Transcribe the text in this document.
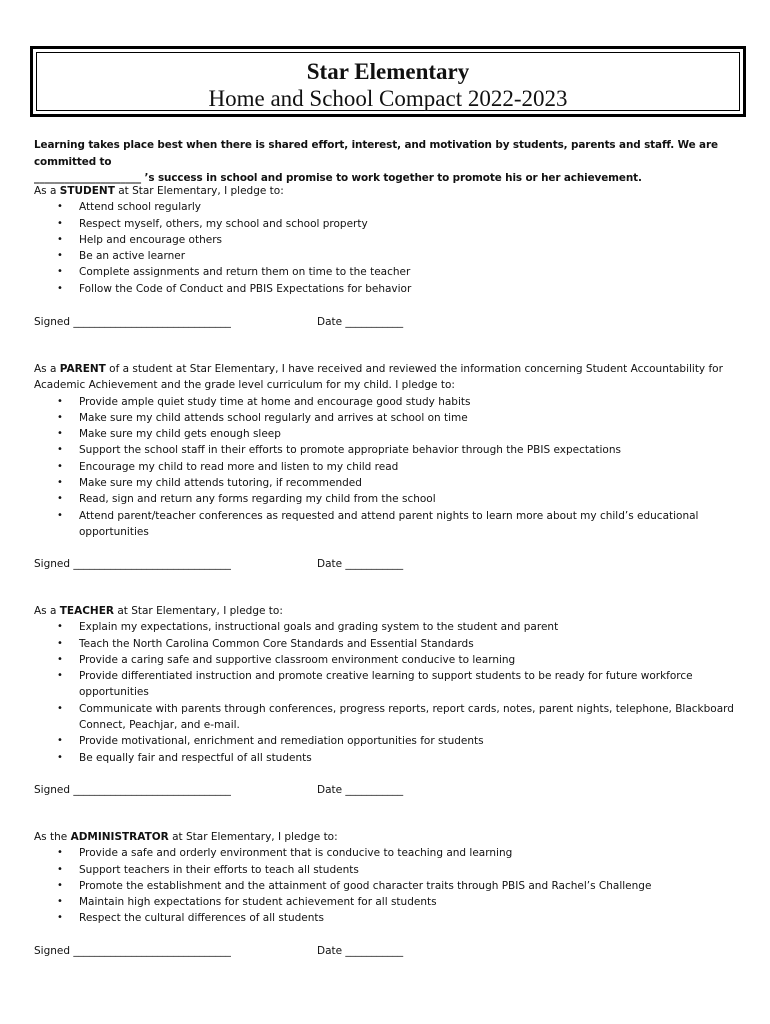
Star Elementary
Home and School Compact 2022-2023
Learning takes place best when there is shared effort, interest, and motivation by students, parents and staff. We are committed to
_____________________ ’s success in school and promise to work together to promote his or her achievement.

As a STUDENT at Star Elementary, I pledge to:

• Attend school regularly
• Respect myself, others, my school and school property
• Help and encourage others
• Be an active learner
• Complete assignments and return them on time to the teacher
• Follow the Code of Conduct and PBIS Expectations for behavior
Signed ______________________________	Date ___________

As a PARENT of a student at Star Elementary, I have received and reviewed the information concerning Student Accountability for Academic Achievement and the grade level curriculum for my child. I pledge to:

• Provide ample quiet study time at home and encourage good study habits
• Make sure my child attends school regularly and arrives at school on time
• Make sure my child gets enough sleep
• Support the school staff in their efforts to promote appropriate behavior through the PBIS expectations
• Encourage my child to read more and listen to my child read
• Make sure my child attends tutoring, if recommended
• Read, sign and return any forms regarding my child from the school
• Attend parent/teacher conferences as requested and attend parent nights to learn more about my child’s educational opportunities
Signed ______________________________	Date ___________

As a TEACHER at Star Elementary, I pledge to:

• Explain my expectations, instructional goals and grading system to the student and parent
• Teach the North Carolina Common Core Standards and Essential Standards
• Provide a caring safe and supportive classroom environment conducive to learning
• Provide differentiated instruction and promote creative learning to support students to be ready for future workforce opportunities
• Communicate with parents through conferences, progress reports, report cards, notes, parent nights, telephone, Blackboard Connect, Peachjar, and e-mail.
• Provide motivational, enrichment and remediation opportunities for students
• Be equally fair and respectful of all students
Signed ______________________________	Date ___________

As the ADMINISTRATOR at Star Elementary, I pledge to:

• Provide a safe and orderly environment that is conducive to teaching and learning
• Support teachers in their efforts to teach all students
• Promote the establishment and the attainment of good character traits through PBIS and Rachel’s Challenge
• Maintain high expectations for student achievement for all students
• Respect the cultural differences of all students
Signed ______________________________	Date ___________
